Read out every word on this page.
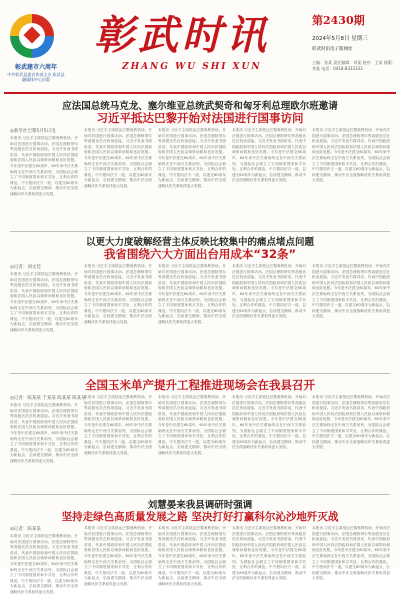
彰武建市六周年
中共彰武县委宣传部主办 彰武县融媒体中心出版
彰武时讯
ZHANG WU SHI XUN
第2430期
2024年5月8日 星期三
彰武时讯电子版网址
主编：张某 责任编辑：刘某 校对：王某 排版：李某 电话：0418-8333333
应法国总统马克龙、塞尔维亚总统武契奇和匈牙利总理欧尔班邀请
习近平抵达巴黎开始对法国进行国事访问
◎新华社巴黎5月5日电
本报讯 习近平主席抵达巴黎奥利机场，开始对法国进行国事访问。法国总理阿塔尔等高级官员在机场迎接。习近平发表书面讲话，代表中国政府和中国人民向法国政府和法国人民致以诚挚问候和良好祝愿。今年是中法建交60周年，60年来中法关系始终走在中西方关系前列，为国际社会树立了不同制度国家和平共处、互利合作的典范。中方愿同法方一道，以建交60周年为新起点，弘扬建交精神，推动中法全面战略伙伴关系取得更大发展。
本报讯 习近平主席抵达巴黎奥利机场，开始对法国进行国事访问。法国总理阿塔尔等高级官员在机场迎接。习近平发表书面讲话，代表中国政府和中国人民向法国政府和法国人民致以诚挚问候和良好祝愿。今年是中法建交60周年，60年来中法关系始终走在中西方关系前列，为国际社会树立了不同制度国家和平共处、互利合作的典范。中方愿同法方一道，以建交60周年为新起点，弘扬建交精神，推动中法全面战略伙伴关系取得更大发展。
本报讯 习近平主席抵达巴黎奥利机场，开始对法国进行国事访问。法国总理阿塔尔等高级官员在机场迎接。习近平发表书面讲话，代表中国政府和中国人民向法国政府和法国人民致以诚挚问候和良好祝愿。今年是中法建交60周年，60年来中法关系始终走在中西方关系前列，为国际社会树立了不同制度国家和平共处、互利合作的典范。中方愿同法方一道，以建交60周年为新起点，弘扬建交精神，推动中法全面战略伙伴关系取得更大发展。
本报讯 习近平主席抵达巴黎奥利机场，开始对法国进行国事访问。法国总理阿塔尔等高级官员在机场迎接。习近平发表书面讲话，代表中国政府和中国人民向法国政府和法国人民致以诚挚问候和良好祝愿。今年是中法建交60周年，60年来中法关系始终走在中西方关系前列，为国际社会树立了不同制度国家和平共处、互利合作的典范。中方愿同法方一道，以建交60周年为新起点，弘扬建交精神，推动中法全面战略伙伴关系取得更大发展。
本报讯 习近平主席抵达巴黎奥利机场，开始对法国进行国事访问。法国总理阿塔尔等高级官员在机场迎接。习近平发表书面讲话，代表中国政府和中国人民向法国政府和法国人民致以诚挚问候和良好祝愿。今年是中法建交60周年，60年来中法关系始终走在中西方关系前列，为国际社会树立了不同制度国家和平共处、互利合作的典范。中方愿同法方一道，以建交60周年为新起点，弘扬建交精神，推动中法全面战略伙伴关系取得更大发展。
以更大力度破解经营主体反映比较集中的痛点堵点问题
我省围绕六大方面出台用成本“32条”
◎记者：刘文佳
本报讯 习近平主席抵达巴黎奥利机场，开始对法国进行国事访问。法国总理阿塔尔等高级官员在机场迎接。习近平发表书面讲话，代表中国政府和中国人民向法国政府和法国人民致以诚挚问候和良好祝愿。今年是中法建交60周年，60年来中法关系始终走在中西方关系前列，为国际社会树立了不同制度国家和平共处、互利合作的典范。中方愿同法方一道，以建交60周年为新起点，弘扬建交精神，推动中法全面战略伙伴关系取得更大发展。
本报讯 习近平主席抵达巴黎奥利机场，开始对法国进行国事访问。法国总理阿塔尔等高级官员在机场迎接。习近平发表书面讲话，代表中国政府和中国人民向法国政府和法国人民致以诚挚问候和良好祝愿。今年是中法建交60周年，60年来中法关系始终走在中西方关系前列，为国际社会树立了不同制度国家和平共处、互利合作的典范。中方愿同法方一道，以建交60周年为新起点，弘扬建交精神，推动中法全面战略伙伴关系取得更大发展。
本报讯 习近平主席抵达巴黎奥利机场，开始对法国进行国事访问。法国总理阿塔尔等高级官员在机场迎接。习近平发表书面讲话，代表中国政府和中国人民向法国政府和法国人民致以诚挚问候和良好祝愿。今年是中法建交60周年，60年来中法关系始终走在中西方关系前列，为国际社会树立了不同制度国家和平共处、互利合作的典范。中方愿同法方一道，以建交60周年为新起点，弘扬建交精神，推动中法全面战略伙伴关系取得更大发展。
本报讯 习近平主席抵达巴黎奥利机场，开始对法国进行国事访问。法国总理阿塔尔等高级官员在机场迎接。习近平发表书面讲话，代表中国政府和中国人民向法国政府和法国人民致以诚挚问候和良好祝愿。今年是中法建交60周年，60年来中法关系始终走在中西方关系前列，为国际社会树立了不同制度国家和平共处、互利合作的典范。中方愿同法方一道，以建交60周年为新起点，弘扬建交精神，推动中法全面战略伙伴关系取得更大发展。
本报讯 习近平主席抵达巴黎奥利机场，开始对法国进行国事访问。法国总理阿塔尔等高级官员在机场迎接。习近平发表书面讲话，代表中国政府和中国人民向法国政府和法国人民致以诚挚问候和良好祝愿。今年是中法建交60周年，60年来中法关系始终走在中西方关系前列，为国际社会树立了不同制度国家和平共处、互利合作的典范。中方愿同法方一道，以建交60周年为新起点，弘扬建交精神，推动中法全面战略伙伴关系取得更大发展。
全国玉米单产提升工程推进现场会在我县召开
◎记者：陈某某 于某某 陈某某 陈某某
本报讯 习近平主席抵达巴黎奥利机场，开始对法国进行国事访问。法国总理阿塔尔等高级官员在机场迎接。习近平发表书面讲话，代表中国政府和中国人民向法国政府和法国人民致以诚挚问候和良好祝愿。今年是中法建交60周年，60年来中法关系始终走在中西方关系前列，为国际社会树立了不同制度国家和平共处、互利合作的典范。中方愿同法方一道，以建交60周年为新起点，弘扬建交精神，推动中法全面战略伙伴关系取得更大发展。
本报讯 习近平主席抵达巴黎奥利机场，开始对法国进行国事访问。法国总理阿塔尔等高级官员在机场迎接。习近平发表书面讲话，代表中国政府和中国人民向法国政府和法国人民致以诚挚问候和良好祝愿。今年是中法建交60周年，60年来中法关系始终走在中西方关系前列，为国际社会树立了不同制度国家和平共处、互利合作的典范。中方愿同法方一道，以建交60周年为新起点，弘扬建交精神，推动中法全面战略伙伴关系取得更大发展。
本报讯 习近平主席抵达巴黎奥利机场，开始对法国进行国事访问。法国总理阿塔尔等高级官员在机场迎接。习近平发表书面讲话，代表中国政府和中国人民向法国政府和法国人民致以诚挚问候和良好祝愿。今年是中法建交60周年，60年来中法关系始终走在中西方关系前列，为国际社会树立了不同制度国家和平共处、互利合作的典范。中方愿同法方一道，以建交60周年为新起点，弘扬建交精神，推动中法全面战略伙伴关系取得更大发展。
本报讯 习近平主席抵达巴黎奥利机场，开始对法国进行国事访问。法国总理阿塔尔等高级官员在机场迎接。习近平发表书面讲话，代表中国政府和中国人民向法国政府和法国人民致以诚挚问候和良好祝愿。今年是中法建交60周年，60年来中法关系始终走在中西方关系前列，为国际社会树立了不同制度国家和平共处、互利合作的典范。中方愿同法方一道，以建交60周年为新起点，弘扬建交精神，推动中法全面战略伙伴关系取得更大发展。
本报讯 习近平主席抵达巴黎奥利机场，开始对法国进行国事访问。法国总理阿塔尔等高级官员在机场迎接。习近平发表书面讲话，代表中国政府和中国人民向法国政府和法国人民致以诚挚问候和良好祝愿。今年是中法建交60周年，60年来中法关系始终走在中西方关系前列，为国际社会树立了不同制度国家和平共处、互利合作的典范。中方愿同法方一道，以建交60周年为新起点，弘扬建交精神，推动中法全面战略伙伴关系取得更大发展。
刘慧晏来我县调研时强调
坚持走绿色高质量发展之路 坚决打好打赢科尔沁沙地歼灭战
◎记者：陈某某
本报讯 习近平主席抵达巴黎奥利机场，开始对法国进行国事访问。法国总理阿塔尔等高级官员在机场迎接。习近平发表书面讲话，代表中国政府和中国人民向法国政府和法国人民致以诚挚问候和良好祝愿。今年是中法建交60周年，60年来中法关系始终走在中西方关系前列，为国际社会树立了不同制度国家和平共处、互利合作的典范。中方愿同法方一道，以建交60周年为新起点，弘扬建交精神，推动中法全面战略伙伴关系取得更大发展。
本报讯 习近平主席抵达巴黎奥利机场，开始对法国进行国事访问。法国总理阿塔尔等高级官员在机场迎接。习近平发表书面讲话，代表中国政府和中国人民向法国政府和法国人民致以诚挚问候和良好祝愿。今年是中法建交60周年，60年来中法关系始终走在中西方关系前列，为国际社会树立了不同制度国家和平共处、互利合作的典范。中方愿同法方一道，以建交60周年为新起点，弘扬建交精神，推动中法全面战略伙伴关系取得更大发展。
本报讯 习近平主席抵达巴黎奥利机场，开始对法国进行国事访问。法国总理阿塔尔等高级官员在机场迎接。习近平发表书面讲话，代表中国政府和中国人民向法国政府和法国人民致以诚挚问候和良好祝愿。今年是中法建交60周年，60年来中法关系始终走在中西方关系前列，为国际社会树立了不同制度国家和平共处、互利合作的典范。中方愿同法方一道，以建交60周年为新起点，弘扬建交精神，推动中法全面战略伙伴关系取得更大发展。
本报讯 习近平主席抵达巴黎奥利机场，开始对法国进行国事访问。法国总理阿塔尔等高级官员在机场迎接。习近平发表书面讲话，代表中国政府和中国人民向法国政府和法国人民致以诚挚问候和良好祝愿。今年是中法建交60周年，60年来中法关系始终走在中西方关系前列，为国际社会树立了不同制度国家和平共处、互利合作的典范。中方愿同法方一道，以建交60周年为新起点，弘扬建交精神，推动中法全面战略伙伴关系取得更大发展。
本报讯 习近平主席抵达巴黎奥利机场，开始对法国进行国事访问。法国总理阿塔尔等高级官员在机场迎接。习近平发表书面讲话，代表中国政府和中国人民向法国政府和法国人民致以诚挚问候和良好祝愿。今年是中法建交60周年，60年来中法关系始终走在中西方关系前列，为国际社会树立了不同制度国家和平共处、互利合作的典范。中方愿同法方一道，以建交60周年为新起点，弘扬建交精神，推动中法全面战略伙伴关系取得更大发展。
